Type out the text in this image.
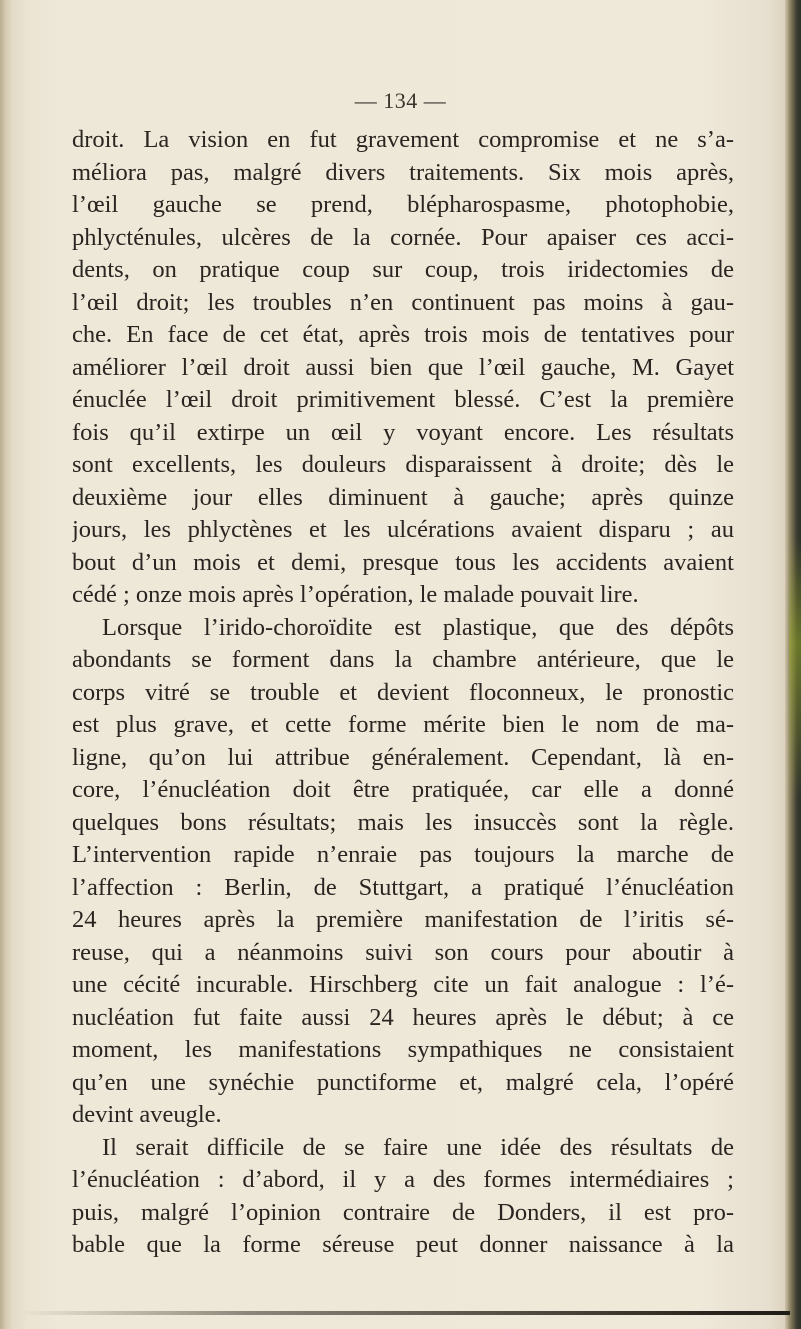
— 134 —
droit. La vision en fut gravement compromise et ne s’a-
méliora pas, malgré divers traitements. Six mois après,
l’œil gauche se prend, blépharospasme, photophobie,
phlycténules, ulcères de la cornée. Pour apaiser ces acci-
dents, on pratique coup sur coup, trois iridectomies de
l’œil droit; les troubles n’en continuent pas moins à gau-
che. En face de cet état, après trois mois de tentatives pour
améliorer l’œil droit aussi bien que l’œil gauche, M. Gayet
énuclée l’œil droit primitivement blessé. C’est la première
fois qu’il extirpe un œil y voyant encore. Les résultats
sont excellents, les douleurs disparaissent à droite; dès le
deuxième jour elles diminuent à gauche; après quinze
jours, les phlyctènes et les ulcérations avaient disparu ; au
bout d’un mois et demi, presque tous les accidents avaient
cédé ; onze mois après l’opération, le malade pouvait lire.
Lorsque l’irido-choroïdite est plastique, que des dépôts
abondants se forment dans la chambre antérieure, que le
corps vitré se trouble et devient floconneux, le pronostic
est plus grave, et cette forme mérite bien le nom de ma-
ligne, qu’on lui attribue généralement. Cependant, là en-
core, l’énucléation doit être pratiquée, car elle a donné
quelques bons résultats; mais les insuccès sont la règle.
L’intervention rapide n’enraie pas toujours la marche de
l’affection : Berlin, de Stuttgart, a pratiqué l’énucléation
24 heures après la première manifestation de l’iritis sé-
reuse, qui a néanmoins suivi son cours pour aboutir à
une cécité incurable. Hirschberg cite un fait analogue : l’é-
nucléation fut faite aussi 24 heures après le début; à ce
moment, les manifestations sympathiques ne consistaient
qu’en une synéchie punctiforme et, malgré cela, l’opéré
devint aveugle.
Il serait difficile de se faire une idée des résultats de
l’énucléation : d’abord, il y a des formes intermédiaires ;
puis, malgré l’opinion contraire de Donders, il est pro-
bable que la forme séreuse peut donner naissance à la
